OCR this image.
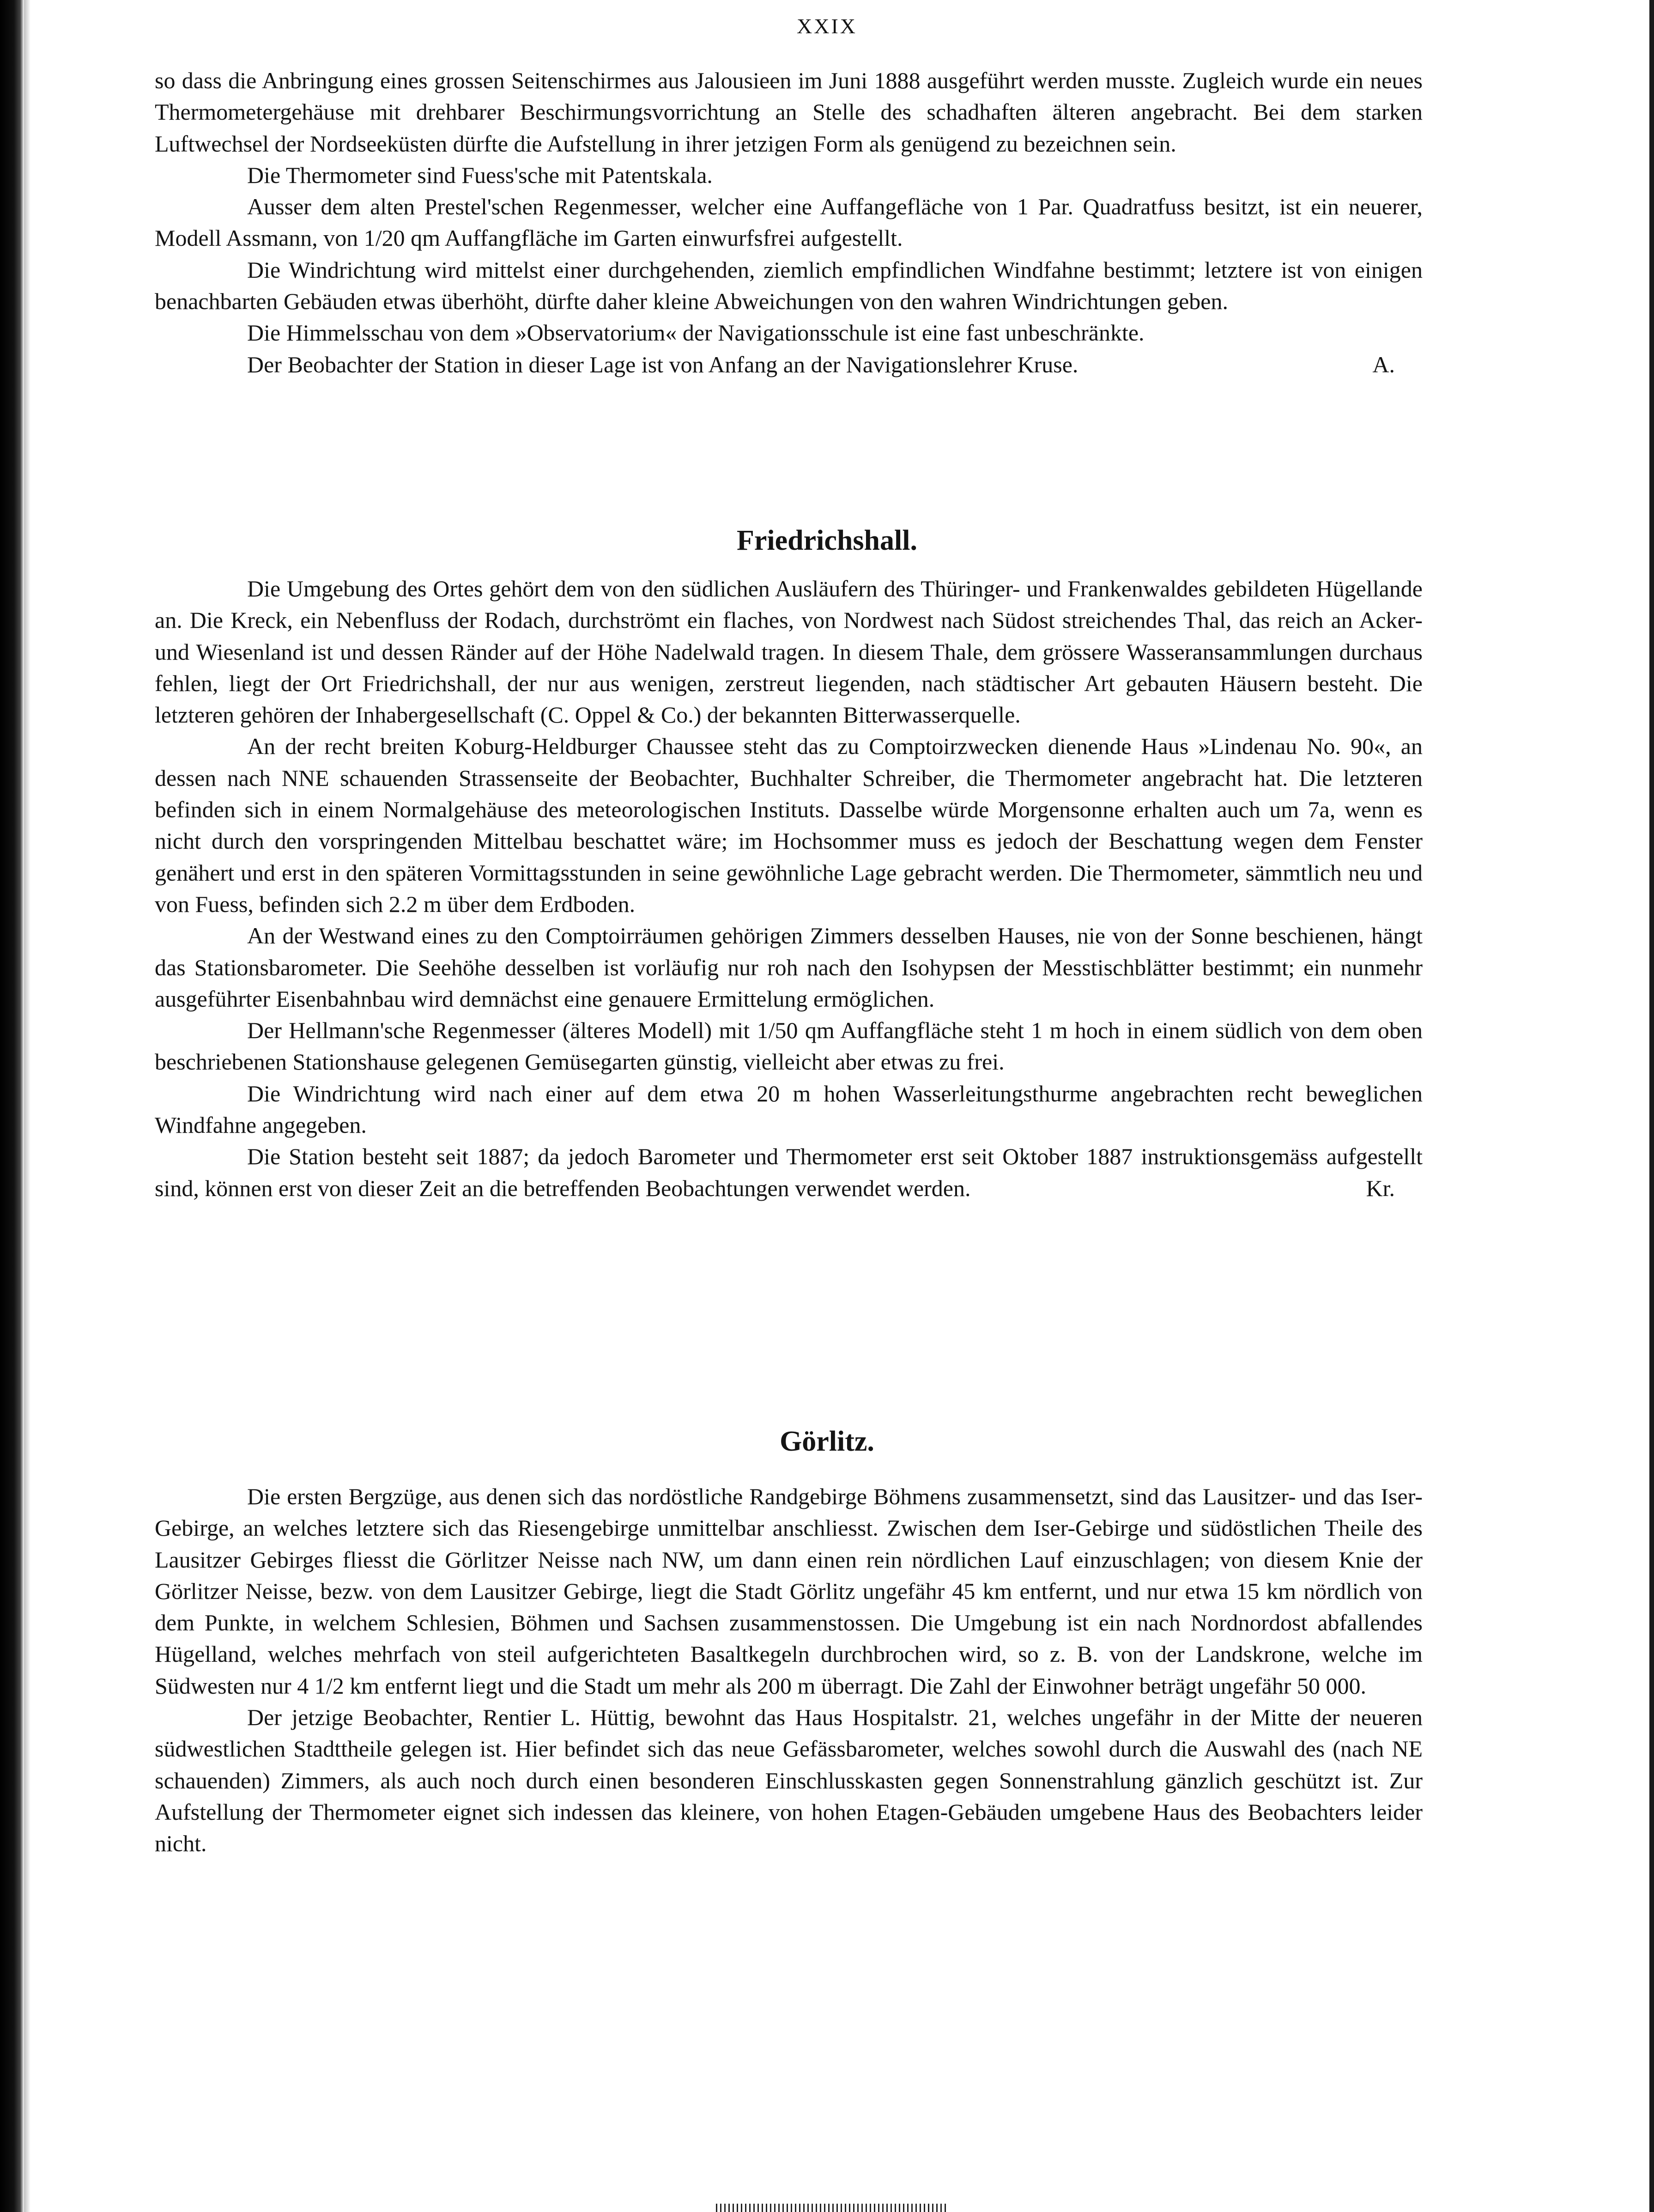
XXIX

so dass die Anbringung eines grossen Seitenschirmes aus Jalousieen im Juni 1888 ausgeführt werden musste. Zugleich wurde ein neues Thermometergehäuse mit drehbarer Beschirmungsvorrichtung an Stelle des schadhaften älteren angebracht. Bei dem starken Luftwechsel der Nordseeküsten dürfte die Aufstellung in ihrer jetzigen Form als genügend zu bezeichnen sein.

Die Thermometer sind Fuess'sche mit Patentskala.

Ausser dem alten Prestel'schen Regenmesser, welcher eine Auffangefläche von 1 Par. Quadratfuss besitzt, ist ein neuerer, Modell Assmann, von 1/20 qm Auffangfläche im Garten einwurfsfrei aufgestellt.

Die Windrichtung wird mittelst einer durchgehenden, ziemlich empfindlichen Windfahne bestimmt; letztere ist von einigen benachbarten Gebäuden etwas überhöht, dürfte daher kleine Abweichungen von den wahren Windrichtungen geben.

Die Himmelsschau von dem »Observatorium« der Navigationsschule ist eine fast unbeschränkte.

Der Beobachter der Station in dieser Lage ist von Anfang an der Navigationslehrer Kruse.	A.

Friedrichshall.

Die Umgebung des Ortes gehört dem von den südlichen Ausläufern des Thüringer- und Frankenwaldes gebildeten Hügellande an. Die Kreck, ein Nebenfluss der Rodach, durchströmt ein flaches, von Nordwest nach Südost streichendes Thal, das reich an Acker- und Wiesenland ist und dessen Ränder auf der Höhe Nadelwald tragen. In diesem Thale, dem grössere Wasseransammlungen durchaus fehlen, liegt der Ort Friedrichshall, der nur aus wenigen, zerstreut liegenden, nach städtischer Art gebauten Häusern besteht. Die letzteren gehören der Inhabergesellschaft (C. Oppel & Co.) der bekannten Bitterwasserquelle.

An der recht breiten Koburg-Heldburger Chaussee steht das zu Comptoirzwecken dienende Haus »Lindenau No. 90«, an dessen nach NNE schauenden Strassenseite der Beobachter, Buchhalter Schreiber, die Thermometer angebracht hat. Die letzteren befinden sich in einem Normalgehäuse des meteorologischen Instituts. Dasselbe würde Morgensonne erhalten auch um 7a, wenn es nicht durch den vorspringenden Mittelbau beschattet wäre; im Hochsommer muss es jedoch der Beschattung wegen dem Fenster genähert und erst in den späteren Vormittagsstunden in seine gewöhnliche Lage gebracht werden. Die Thermometer, sämmtlich neu und von Fuess, befinden sich 2.2 m über dem Erdboden.

An der Westwand eines zu den Comptoirräumen gehörigen Zimmers desselben Hauses, nie von der Sonne beschienen, hängt das Stationsbarometer. Die Seehöhe desselben ist vorläufig nur roh nach den Isohypsen der Messtischblätter bestimmt; ein nunmehr ausgeführter Eisenbahnbau wird demnächst eine genauere Ermittelung ermöglichen.

Der Hellmann'sche Regenmesser (älteres Modell) mit 1/50 qm Auffangfläche steht 1 m hoch in einem südlich von dem oben beschriebenen Stationshause gelegenen Gemüsegarten günstig, vielleicht aber etwas zu frei.

Die Windrichtung wird nach einer auf dem etwa 20 m hohen Wasserleitungsthurme angebrachten recht beweglichen Windfahne angegeben.

Die Station besteht seit 1887; da jedoch Barometer und Thermometer erst seit Oktober 1887 instruktionsgemäss aufgestellt sind, können erst von dieser Zeit an die betreffenden Beobachtungen verwendet werden.	Kr.

Görlitz.

Die ersten Bergzüge, aus denen sich das nordöstliche Randgebirge Böhmens zusammensetzt, sind das Lausitzer- und das Iser-Gebirge, an welches letztere sich das Riesengebirge unmittelbar anschliesst. Zwischen dem Iser-Gebirge und südöstlichen Theile des Lausitzer Gebirges fliesst die Görlitzer Neisse nach NW, um dann einen rein nördlichen Lauf einzuschlagen; von diesem Knie der Görlitzer Neisse, bezw. von dem Lausitzer Gebirge, liegt die Stadt Görlitz ungefähr 45 km entfernt, und nur etwa 15 km nördlich von dem Punkte, in welchem Schlesien, Böhmen und Sachsen zusammenstossen. Die Umgebung ist ein nach Nordnordost abfallendes Hügelland, welches mehrfach von steil aufgerichteten Basaltkegeln durchbrochen wird, so z. B. von der Landskrone, welche im Südwesten nur 4 1/2 km entfernt liegt und die Stadt um mehr als 200 m überragt. Die Zahl der Einwohner beträgt ungefähr 50 000.

Der jetzige Beobachter, Rentier L. Hüttig, bewohnt das Haus Hospitalstr. 21, welches ungefähr in der Mitte der neueren südwestlichen Stadttheile gelegen ist. Hier befindet sich das neue Gefässbarometer, welches sowohl durch die Auswahl des (nach NE schauenden) Zimmers, als auch noch durch einen besonderen Einschlusskasten gegen Sonnenstrahlung gänzlich geschützt ist. Zur Aufstellung der Thermometer eignet sich indessen das kleinere, von hohen Etagen-Gebäuden umgebene Haus des Beobachters leider nicht.
